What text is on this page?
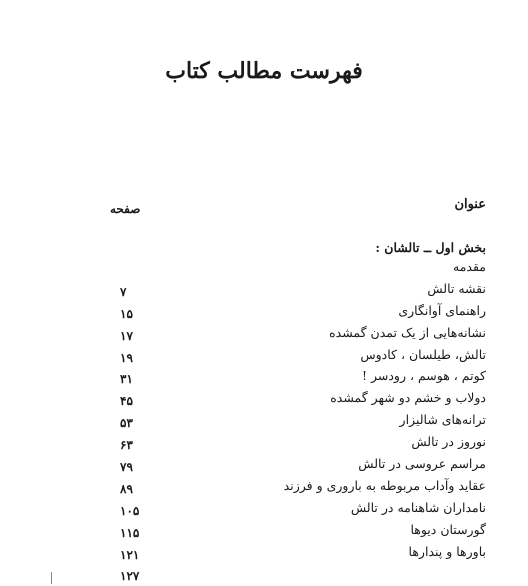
فهرست مطالب کتاب
عنوان
صفحه
بخش اول ــ تالشان :
مقدمه
نقشه تالش
۷
راهنمای آوانگاری
۱۵
نشانه‌هایی از یک تمدن گمشده
۱۷
تالش، طیلسان ، کادوس
۱۹
کوتم ، هوسم ، رودسر !
۳۱
دولاب و خشم دو شهر گمشده
۴۵
ترانه‌های شالیزار
۵۳
نوروز در تالش
۶۳
مراسم عروسی در تالش
۷۹
عقاید وآداب مربوطه به باروری و فرزند
۸۹
نامداران شاهنامه در تالش
۱۰۵
گورستان دیوها
۱۱۵
باورها و پندارها
۱۲۱
۱۲۷
